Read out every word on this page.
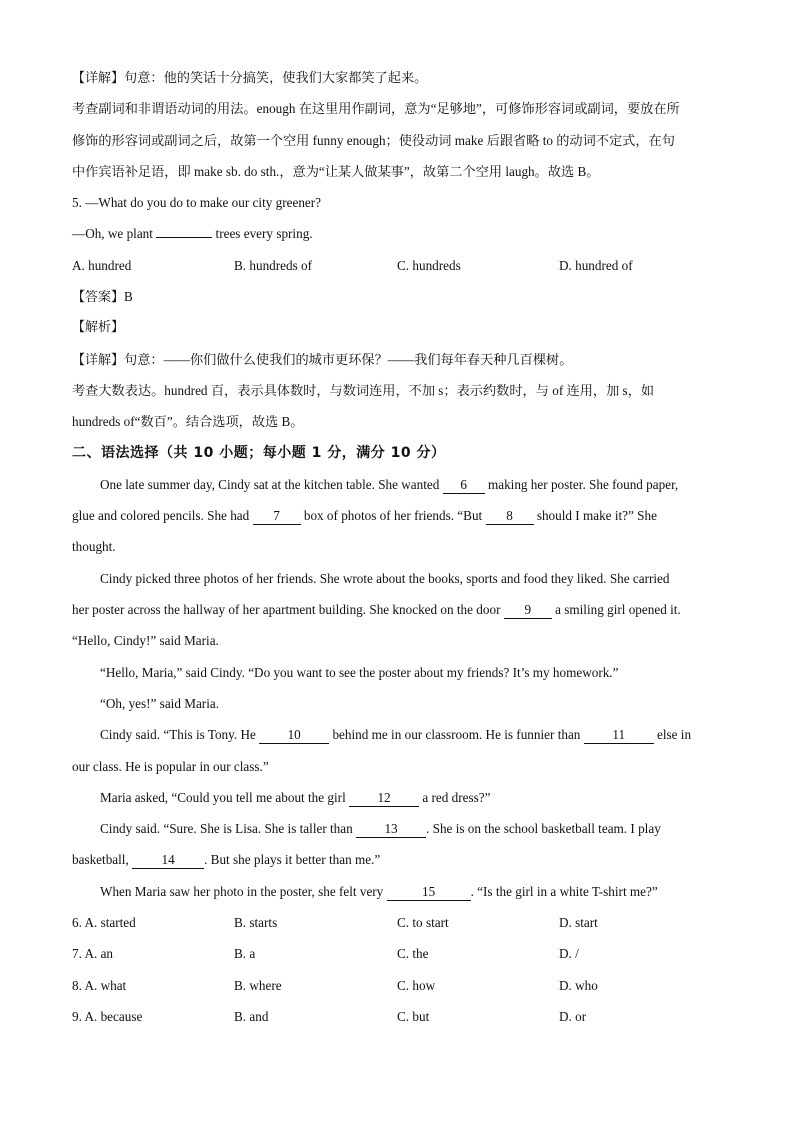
【详解】句意：他的笑话十分搞笑，使我们大家都笑了起来。
考查副词和非谓语动词的用法。enough 在这里用作副词，意为“足够地”，可修饰形容词或副词，要放在所
修饰的形容词或副词之后，故第一个空用 funny enough；使役动词 make 后跟省略 to 的动词不定式，在句
中作宾语补足语，即 make sb. do sth.，意为“让某人做某事”，故第二个空用 laugh。故选 B。
5. —What do you do to make our city greener?
—Oh, we plant	trees every spring.
A. hundred	B. hundreds of	C. hundreds	D. hundred of
【答案】B
【解析】
【详解】句意：——你们做什么使我们的城市更环保？——我们每年春天种几百棵树。
考查大数表达。hundred 百，表示具体数时，与数词连用，不加 s；表示约数时，与 of 连用，加 s，如
hundreds of“数百”。结合选项，故选 B。
二、语法选择（共 10 小题；每小题 1 分，满分 10 分）
One late summer day, Cindy sat at the kitchen table. She wanted 6 making her poster. She found paper,
glue and colored pencils. She had 7 box of photos of her friends. “But 8 should I make it?” She
thought.
Cindy picked three photos of her friends. She wrote about the books, sports and food they liked. She carried
her poster across the hallway of her apartment building. She knocked on the door 9 a smiling girl opened it.
“Hello, Cindy!” said Maria.
“Hello, Maria,” said Cindy. “Do you want to see the poster about my friends? It’s my homework.”
“Oh, yes!” said Maria.
Cindy said. “This is Tony. He 10 behind me in our classroom. He is funnier than 11 else in
our class. He is popular in our class.”
Maria asked, “Could you tell me about the girl 12 a red dress?”
Cindy said. “Sure. She is Lisa. She is taller than 13 . She is on the school basketball team. I play
basketball, 14 . But she plays it better than me.”
When Maria saw her photo in the poster, she felt very	15	. “Is the girl in a white T-shirt me?”
6. A. started	B. starts	C. to start	D. start
7. A. an	B. a	C. the	D. /
8. A. what	B. where	C. how	D. who
9. A. because	B. and	C. but	D. or
